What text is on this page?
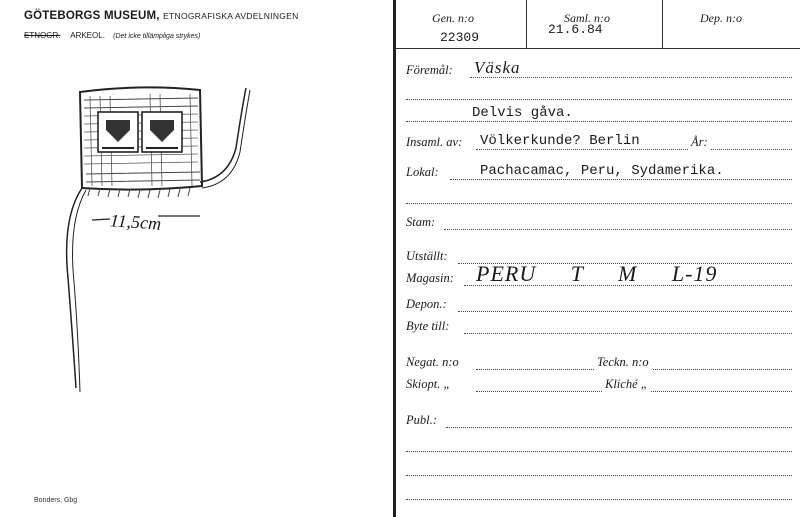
GÖTEBORGS MUSEUM, ETNOGRAFISKA AVDELNINGEN
ETNOGR. ARKEOL. (Det icke tillämpliga strykes)
11,5cm
Bonders, Gbg
Gen. n:o
22309
Saml. n:o
21.6.84
Dep. n:o
Föremål: Väska
Delvis gåva.
Insaml. av: Völkerkunde? Berlin	År:
Lokal:	Pachacamac, Peru, Sydamerika.
Stam:
Utställt:
Magasin: PERU T M L-19
Depon.:
Byte till:
Negat. n:o	Teckn. n:o
Skiopt. „	Kliché „
Publ.:
